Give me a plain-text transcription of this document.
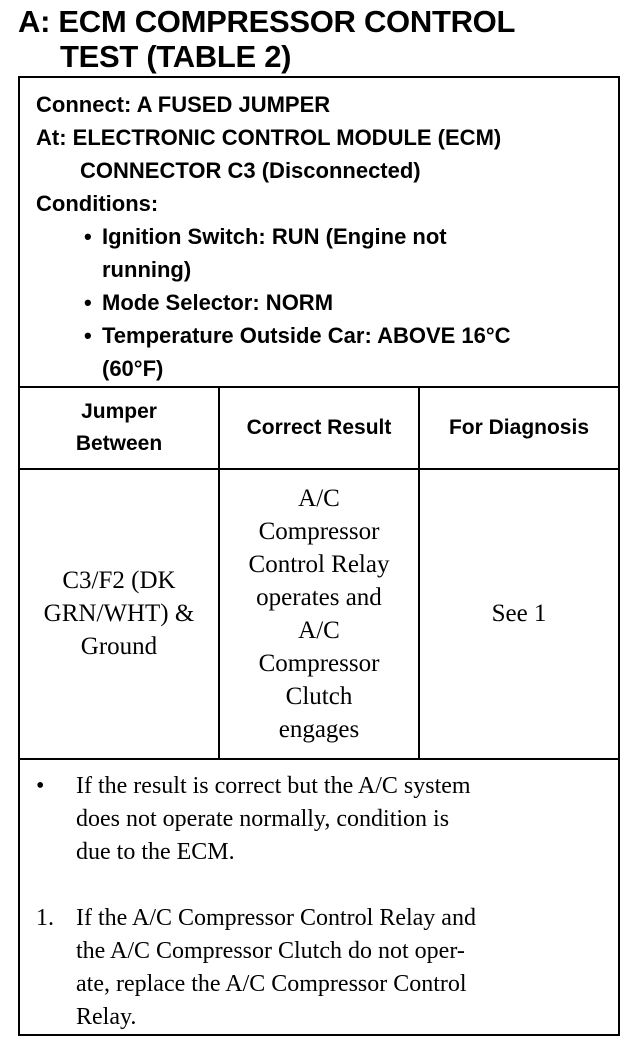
A: ECM COMPRESSOR CONTROL
TEST (TABLE 2)
Connect: A FUSED JUMPER
At: ELECTRONIC CONTROL MODULE (ECM)
CONNECTOR C3 (Disconnected)
Conditions:
• Ignition Switch: RUN (Engine not
running)
• Mode Selector: NORM
• Temperature Outside Car: ABOVE 16°C
(60°F)
Jumper
Between
Correct Result	For Diagnosis
C3/F2 (DK
GRN/WHT) &
Ground
A/C
Compressor
Control Relay
operates and
A/C
Compressor
Clutch
engages
See 1
• If the result is correct but the A/C system
does not operate normally, condition is
due to the ECM.
1. If the A/C Compressor Control Relay and
the A/C Compressor Clutch do not oper-
ate, replace the A/C Compressor Control
Relay.
